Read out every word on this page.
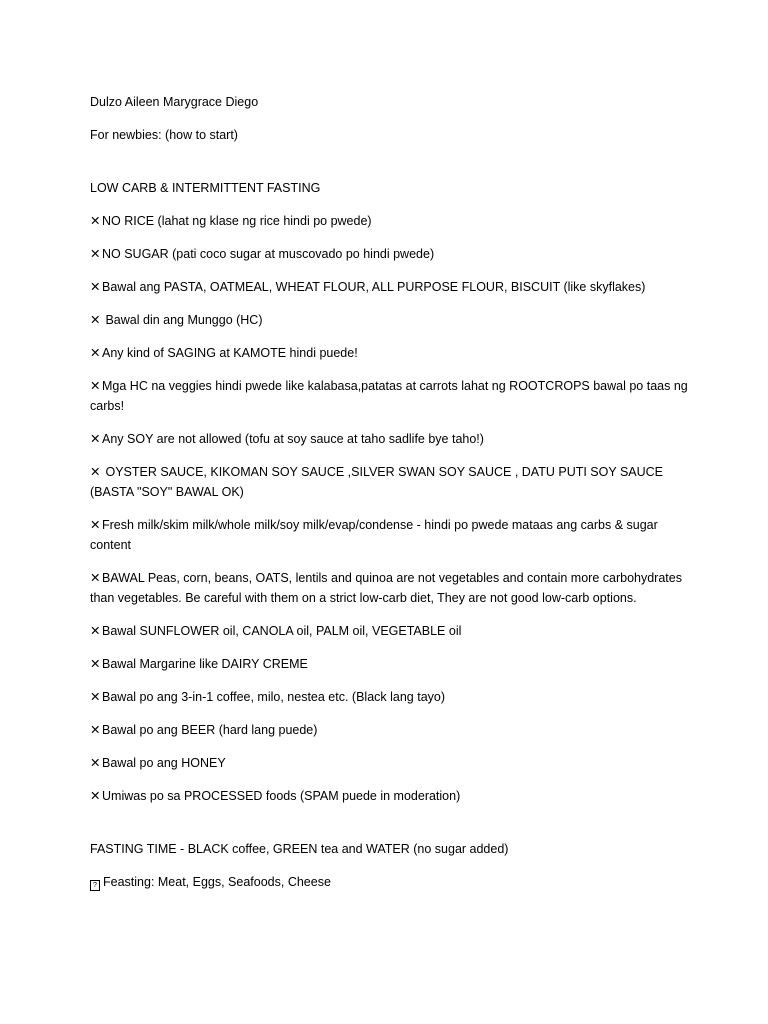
Dulzo Aileen Marygrace Diego
For newbies: (how to start)
LOW CARB & INTERMITTENT FASTING
✕ NO RICE (lahat ng klase ng rice hindi po pwede)
✕ NO SUGAR (pati coco sugar at muscovado po hindi pwede)
✕ Bawal ang PASTA, OATMEAL, WHEAT FLOUR, ALL PURPOSE FLOUR, BISCUIT (like skyflakes)
✕ Bawal din ang Munggo (HC)
✕ Any kind of SAGING at KAMOTE hindi puede!
✕ Mga HC na veggies hindi pwede like kalabasa,patatas at carrots lahat ng ROOTCROPS bawal po taas ng carbs!
✕ Any SOY are not allowed (tofu at soy sauce at taho sadlife bye taho!)
✕ OYSTER SAUCE, KIKOMAN SOY SAUCE ,SILVER SWAN SOY SAUCE , DATU PUTI SOY SAUCE (BASTA "SOY" BAWAL OK)
✕ Fresh milk/skim milk/whole milk/soy milk/evap/condense - hindi po pwede mataas ang carbs & sugar content
✕ BAWAL Peas, corn, beans, OATS, lentils and quinoa are not vegetables and contain more carbohydrates than vegetables. Be careful with them on a strict low-carb diet, They are not good low-carb options.
✕ Bawal SUNFLOWER oil, CANOLA oil, PALM oil, VEGETABLE oil
✕ Bawal Margarine like DAIRY CREME
✕ Bawal po ang 3-in-1 coffee, milo, nestea etc. (Black lang tayo)
✕ Bawal po ang BEER (hard lang puede)
✕ Bawal po ang HONEY
✕ Umiwas po sa PROCESSED foods (SPAM puede in moderation)
FASTING TIME - BLACK coffee, GREEN tea and WATER (no sugar added)
? Feasting: Meat, Eggs, Seafoods, Cheese
